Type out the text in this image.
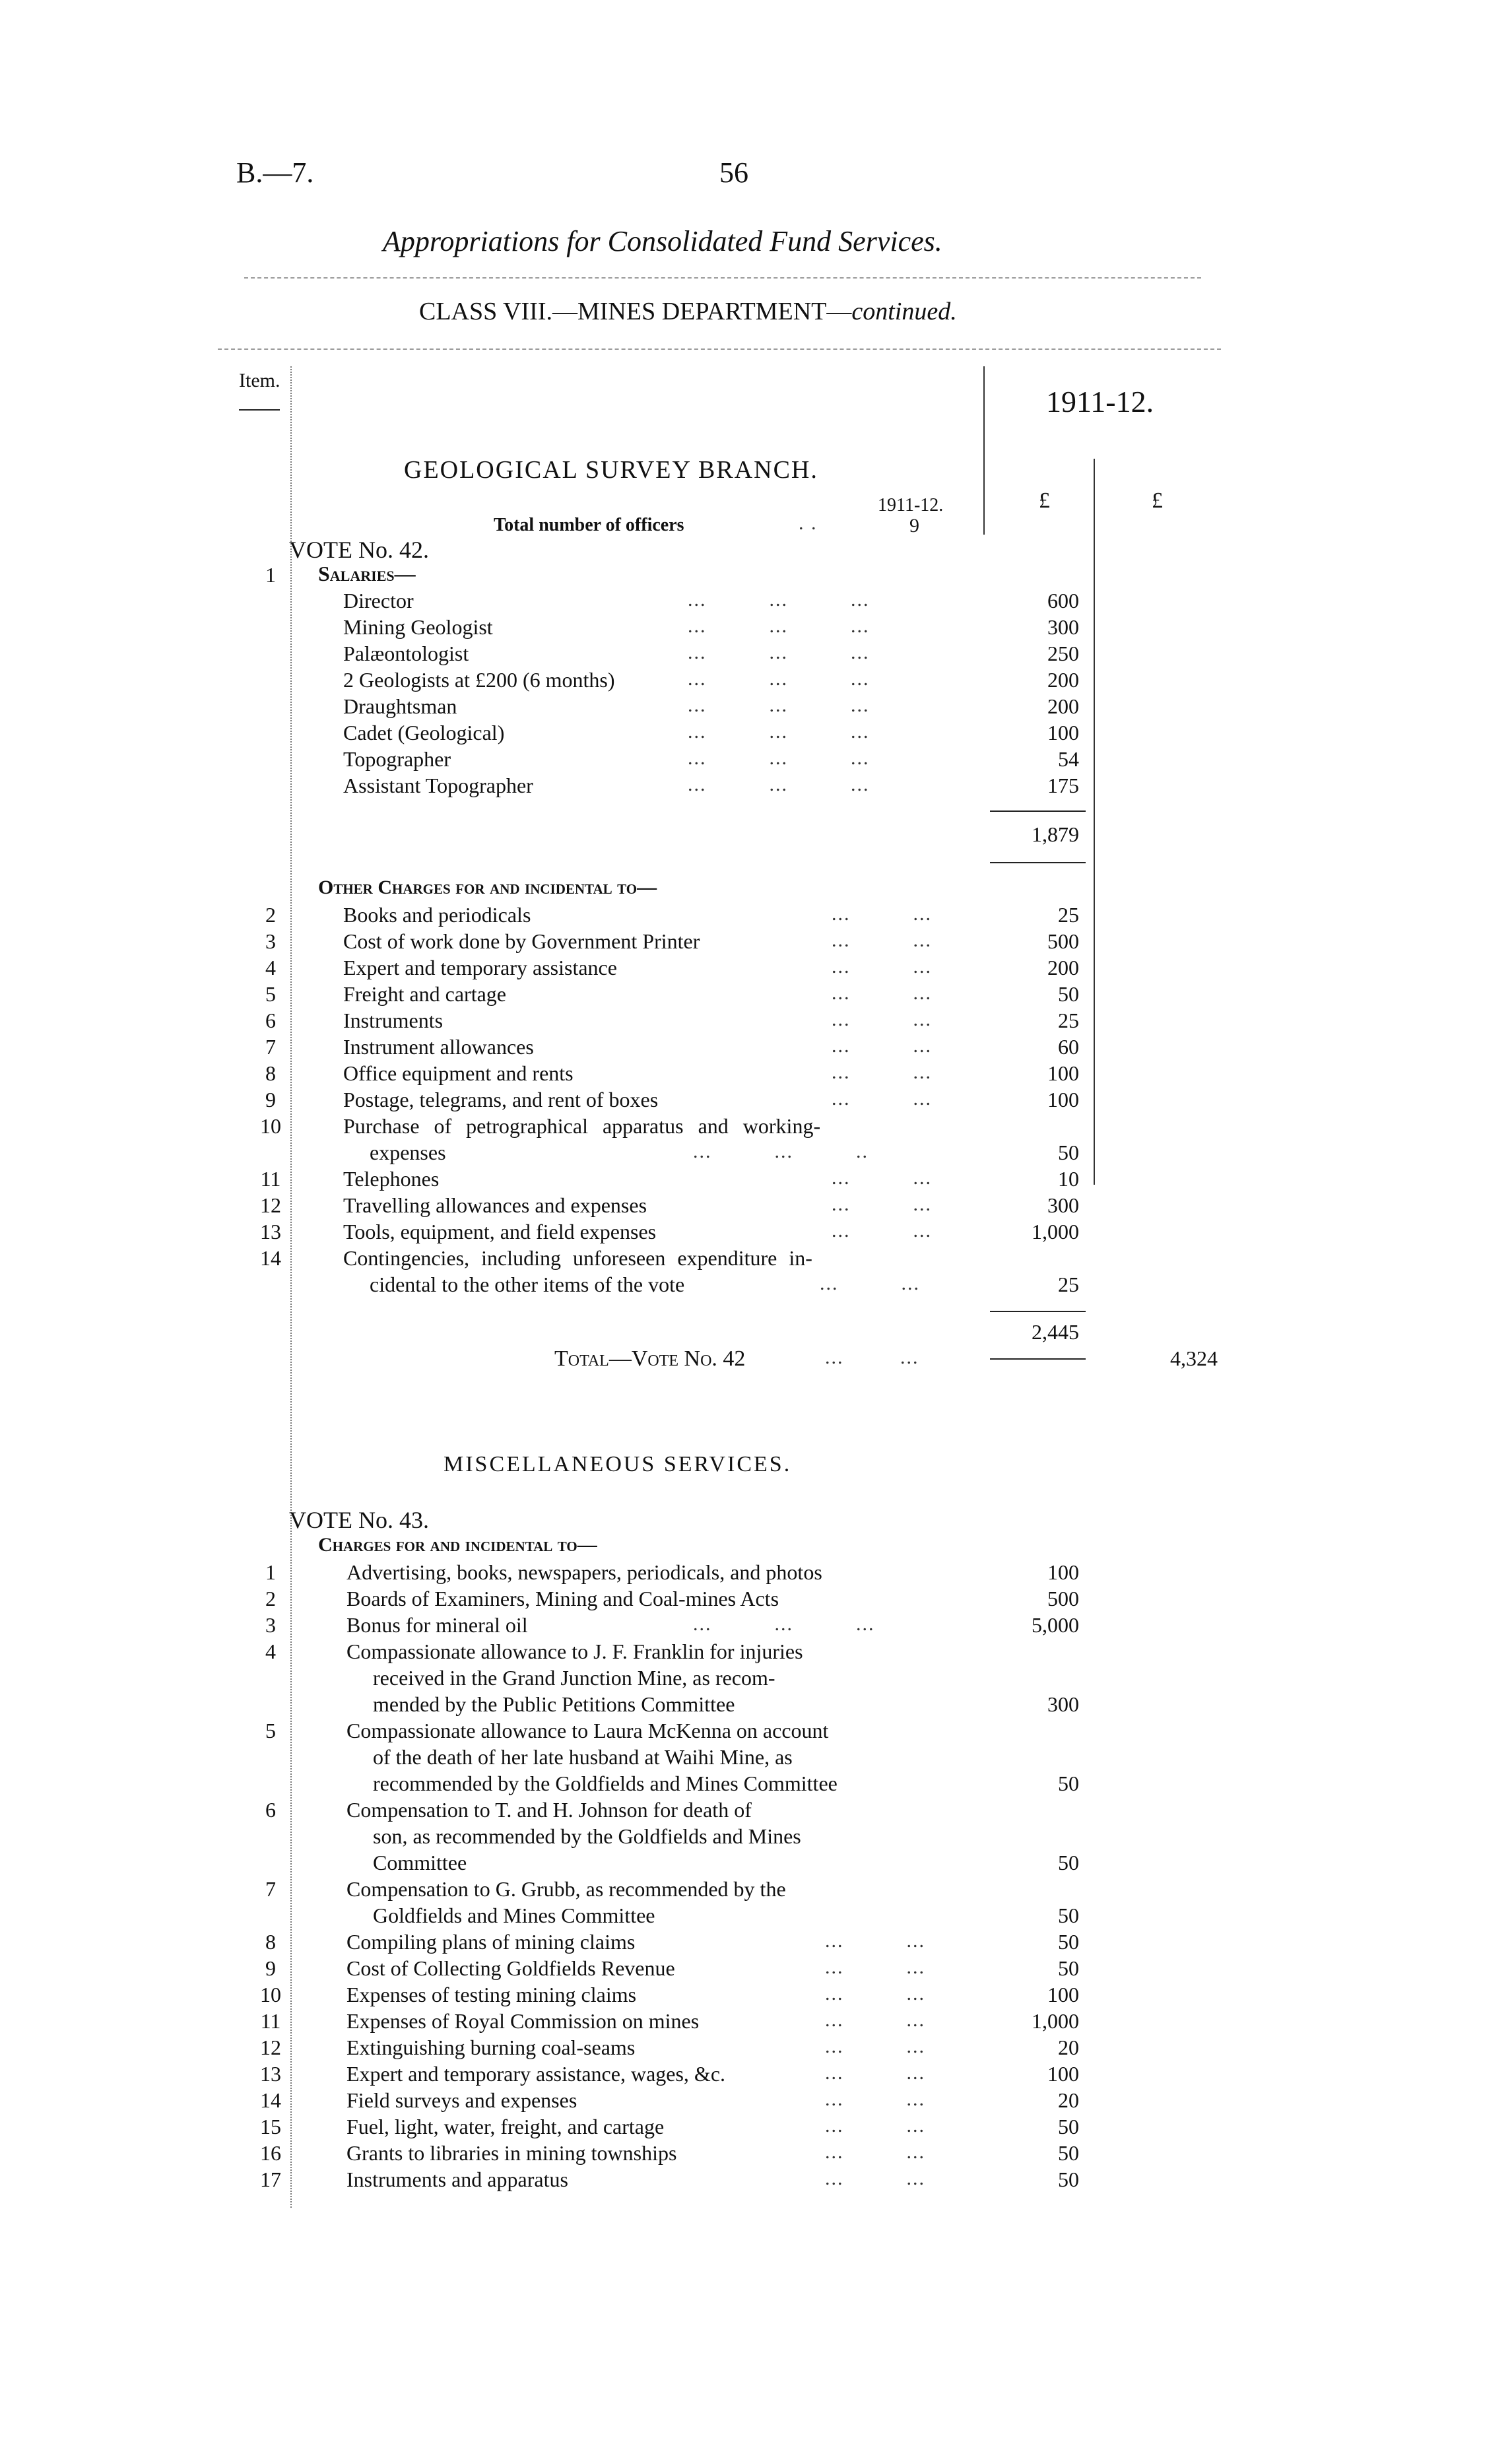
B.—7.	56
Appropriations for Consolidated Fund Services.
CLASS VIII.—MINES DEPARTMENT—continued.
Item.
1911-12.
GEOLOGICAL SURVEY BRANCH.
1911-12.	£	£
Total number of officers	. .	9
VOTE No. 42.
1	Salaries—
Director	...          ...          ...	600
Mining Geologist	...          ...          ...	300
Palæontologist	...          ...          ...	250
2 Geologists at £200 (6 months)	...          ...          ...	200
Draughtsman	...          ...          ...	200
Cadet (Geological)	...          ...          ...	100
Topographer	...          ...          ...	54
Assistant Topographer	...          ...          ...	175
1,879
Other Charges for and incidental to—
2	Books and periodicals	...          ...	25
3	Cost of work done by Government Printer	...          ...	500
4	Expert and temporary assistance	...          ...	200
5	Freight and cartage	...          ...	50
6	Instruments	...          ...	25
7	Instrument allowances	...          ...	60
8	Office equipment and rents	...          ...	100
9	Postage, telegrams, and rent of boxes	...          ...	100
10	Purchase of petrographical apparatus and working-
expenses	...          ...          ..	50
11	Telephones	...          ...	10
12	Travelling allowances and expenses	...          ...	300
13	Tools, equipment, and field expenses	...          ...	1,000
14	Contingencies, including unforeseen expenditure in-
cidental to the other items of the vote	...          ...	25
2,445
Total—Vote No. 42	...         ...	4,324
MISCELLANEOUS SERVICES.
VOTE No. 43.
Charges for and incidental to—
1	Advertising, books, newspapers, periodicals, and photos	100
2	Boards of Examiners, Mining and Coal-mines Acts	500
3	Bonus for mineral oil	...          ...          ...	5,000
4	Compassionate allowance to J. F. Franklin for injuries
received in the Grand Junction Mine, as recom-
mended by the Public Petitions Committee	300
5	Compassionate allowance to Laura McKenna on account
of the death of her late husband at Waihi Mine, as
recommended by the Goldfields and Mines Committee	50
6	Compensation to T. and H. Johnson for death of
son, as recommended by the Goldfields and Mines
Committee	50
7	Compensation to G. Grubb, as recommended by the
Goldfields and Mines Committee	50
8	Compiling plans of mining claims	...          ...	50
9	Cost of Collecting Goldfields Revenue	...          ...	50
10	Expenses of testing mining claims	...          ...	100
11	Expenses of Royal Commission on mines	...          ...	1,000
12	Extinguishing burning coal-seams	...          ...	20
13	Expert and temporary assistance, wages, &c.	...          ...	100
14	Field surveys and expenses	...          ...	20
15	Fuel, light, water, freight, and cartage	...          ...	50
16	Grants to libraries in mining townships	...          ...	50
17	Instruments and apparatus	...          ...	50
